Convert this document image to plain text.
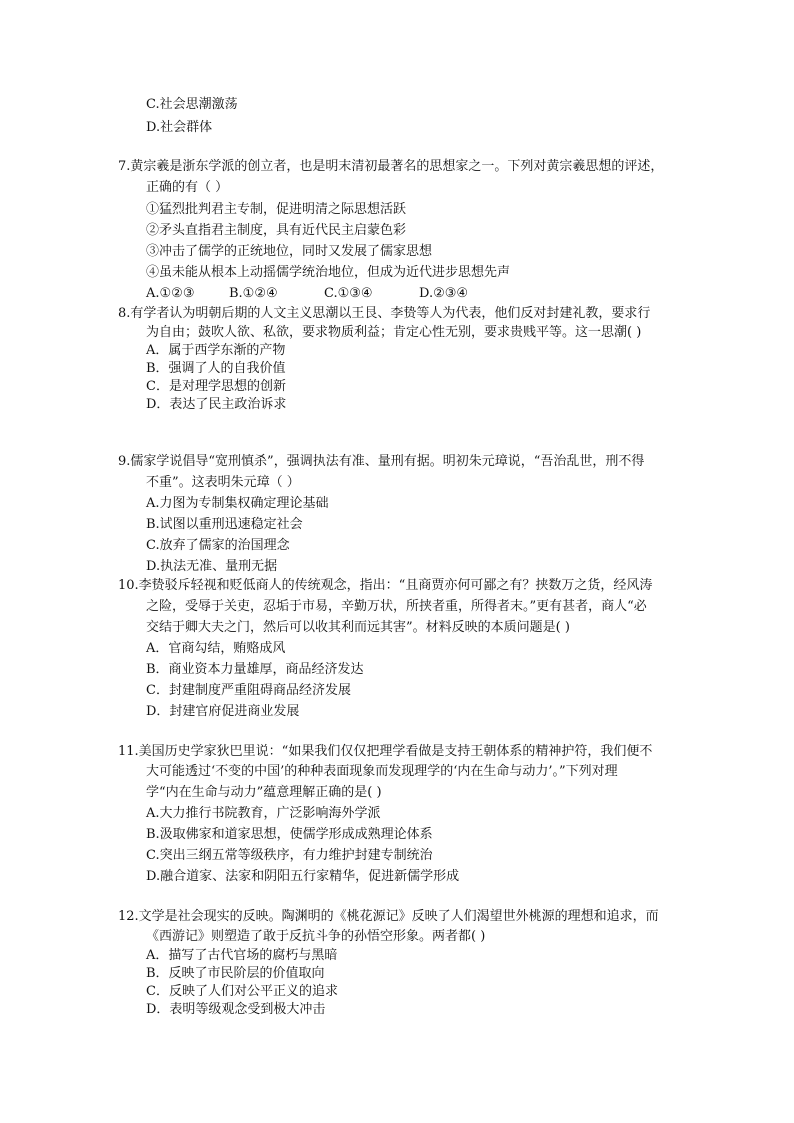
C.社会思潮激荡
D.社会群体
7.黄宗羲是浙东学派的创立者，也是明末清初最著名的思想家之一。下列对黄宗羲思想的评述，
正确的有（ ）
①猛烈批判君主专制，促进明清之际思想活跃
②矛头直指君主制度，具有近代民主启蒙色彩
③冲击了儒学的正统地位，同时又发展了儒家思想
④虽未能从根本上动摇儒学统治地位，但成为近代进步思想先声
A.①②③	B.①②④	C.①③④	D.②③④
8.有学者认为明朝后期的人文主义思潮以王艮、李贽等人为代表，他们反对封建礼教，要求行
为自由；鼓吹人欲、私欲，要求物质利益；肯定心性无别，要求贵贱平等。这一思潮( )
A．属于西学东渐的产物
B．强调了人的自我价值
C．是对理学思想的创新
D．表达了民主政治诉求
9.儒家学说倡导“宽刑慎杀”，强调执法有准、量刑有据。明初朱元璋说，“吾治乱世，刑不得
不重”。这表明朱元璋（ ）
A.力图为专制集权确定理论基础
B.试图以重刑迅速稳定社会
C.放弃了儒家的治国理念
D.执法无准、量刑无据
10.李贽驳斥轻视和贬低商人的传统观念，指出：“且商贾亦何可鄙之有？挟数万之货，经风涛
之险，受辱于关吏，忍垢于市易，辛勤万状，所挟者重，所得者末。”更有甚者，商人“必
交结于卿大夫之门，然后可以收其利而远其害”。材料反映的本质问题是( )
A．官商勾结，贿赂成风
B．商业资本力量雄厚，商品经济发达
C．封建制度严重阻碍商品经济发展
D．封建官府促进商业发展
11.美国历史学家狄巴里说：“如果我们仅仅把理学看做是支持王朝体系的精神护符，我们便不
大可能透过‘不变的中国’的种种表面现象而发现理学的‘内在生命与动力’。”下列对理
学“内在生命与动力”蕴意理解正确的是( )
A.大力推行书院教育，广泛影响海外学派
B.汲取佛家和道家思想，使儒学形成成熟理论体系
C.突出三纲五常等级秩序，有力维护封建专制统治
D.融合道家、法家和阴阳五行家精华，促进新儒学形成
12.文学是社会现实的反映。陶渊明的《桃花源记》反映了人们渴望世外桃源的理想和追求，而
《西游记》则塑造了敢于反抗斗争的孙悟空形象。两者都( )
A．描写了古代官场的腐朽与黑暗
B．反映了市民阶层的价值取向
C．反映了人们对公平正义的追求
D．表明等级观念受到极大冲击
